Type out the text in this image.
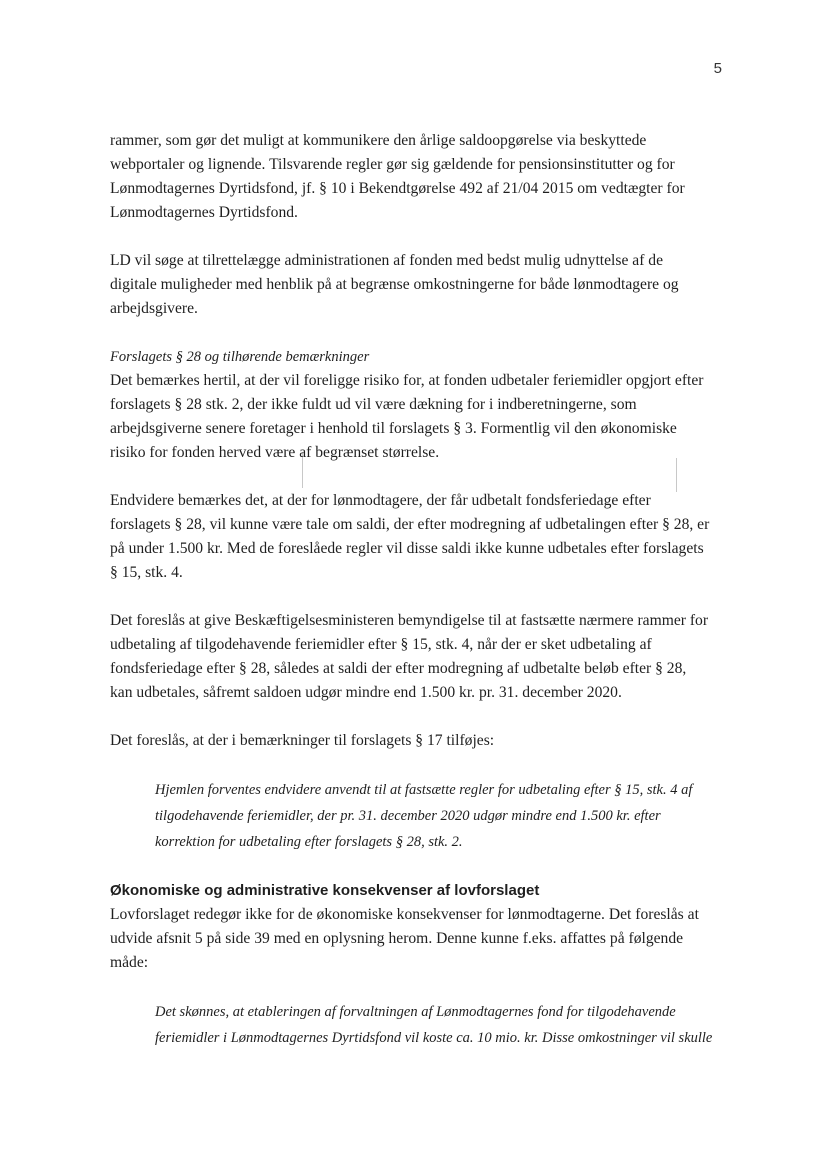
5

rammer, som gør det muligt at kommunikere den årlige saldoopgørelse via beskyttede webportaler og lignende. Tilsvarende regler gør sig gældende for pensionsinstitutter og for Lønmodtagernes Dyrtidsfond, jf. § 10 i Bekendtgørelse 492 af 21/04 2015 om vedtægter for Lønmodtagernes Dyrtidsfond.

LD vil søge at tilrettelægge administrationen af fonden med bedst mulig udnyttelse af de digitale muligheder med henblik på at begrænse omkostningerne for både lønmodtagere og arbejdsgivere.

Forslagets § 28 og tilhørende bemærkninger

Det bemærkes hertil, at der vil foreligge risiko for, at fonden udbetaler feriemidler opgjort efter forslagets § 28 stk. 2, der ikke fuldt ud vil være dækning for i indberetningerne, som arbejdsgiverne senere foretager i henhold til forslagets § 3. Formentlig vil den økonomiske risiko for fonden herved være af begrænset størrelse.

Endvidere bemærkes det, at der for lønmodtagere, der får udbetalt fondsferiedage efter forslagets § 28, vil kunne være tale om saldi, der efter modregning af udbetalingen efter § 28, er på under 1.500 kr. Med de foreslåede regler vil disse saldi ikke kunne udbetales efter forslagets § 15, stk. 4.

Det foreslås at give Beskæftigelsesministeren bemyndigelse til at fastsætte nærmere rammer for udbetaling af tilgodehavende feriemidler efter § 15, stk. 4, når der er sket udbetaling af fondsferiedage efter § 28, således at saldi der efter modregning af udbetalte beløb efter § 28, kan udbetales, såfremt saldoen udgør mindre end 1.500 kr. pr. 31. december 2020.

Det foreslås, at der i bemærkninger til forslagets § 17 tilføjes:

Hjemlen forventes endvidere anvendt til at fastsætte regler for udbetaling efter § 15, stk. 4 af tilgodehavende feriemidler, der pr. 31. december 2020 udgør mindre end 1.500 kr. efter korrektion for udbetaling efter forslagets § 28, stk. 2.

Økonomiske og administrative konsekvenser af lovforslaget

Lovforslaget redegør ikke for de økonomiske konsekvenser for lønmodtagerne. Det foreslås at udvide afsnit 5 på side 39 med en oplysning herom. Denne kunne f.eks. affattes på følgende måde:

Det skønnes, at etableringen af forvaltningen af Lønmodtagernes fond for tilgodehavende feriemidler i Lønmodtagernes Dyrtidsfond vil koste ca. 10 mio. kr. Disse omkostninger vil skulle
